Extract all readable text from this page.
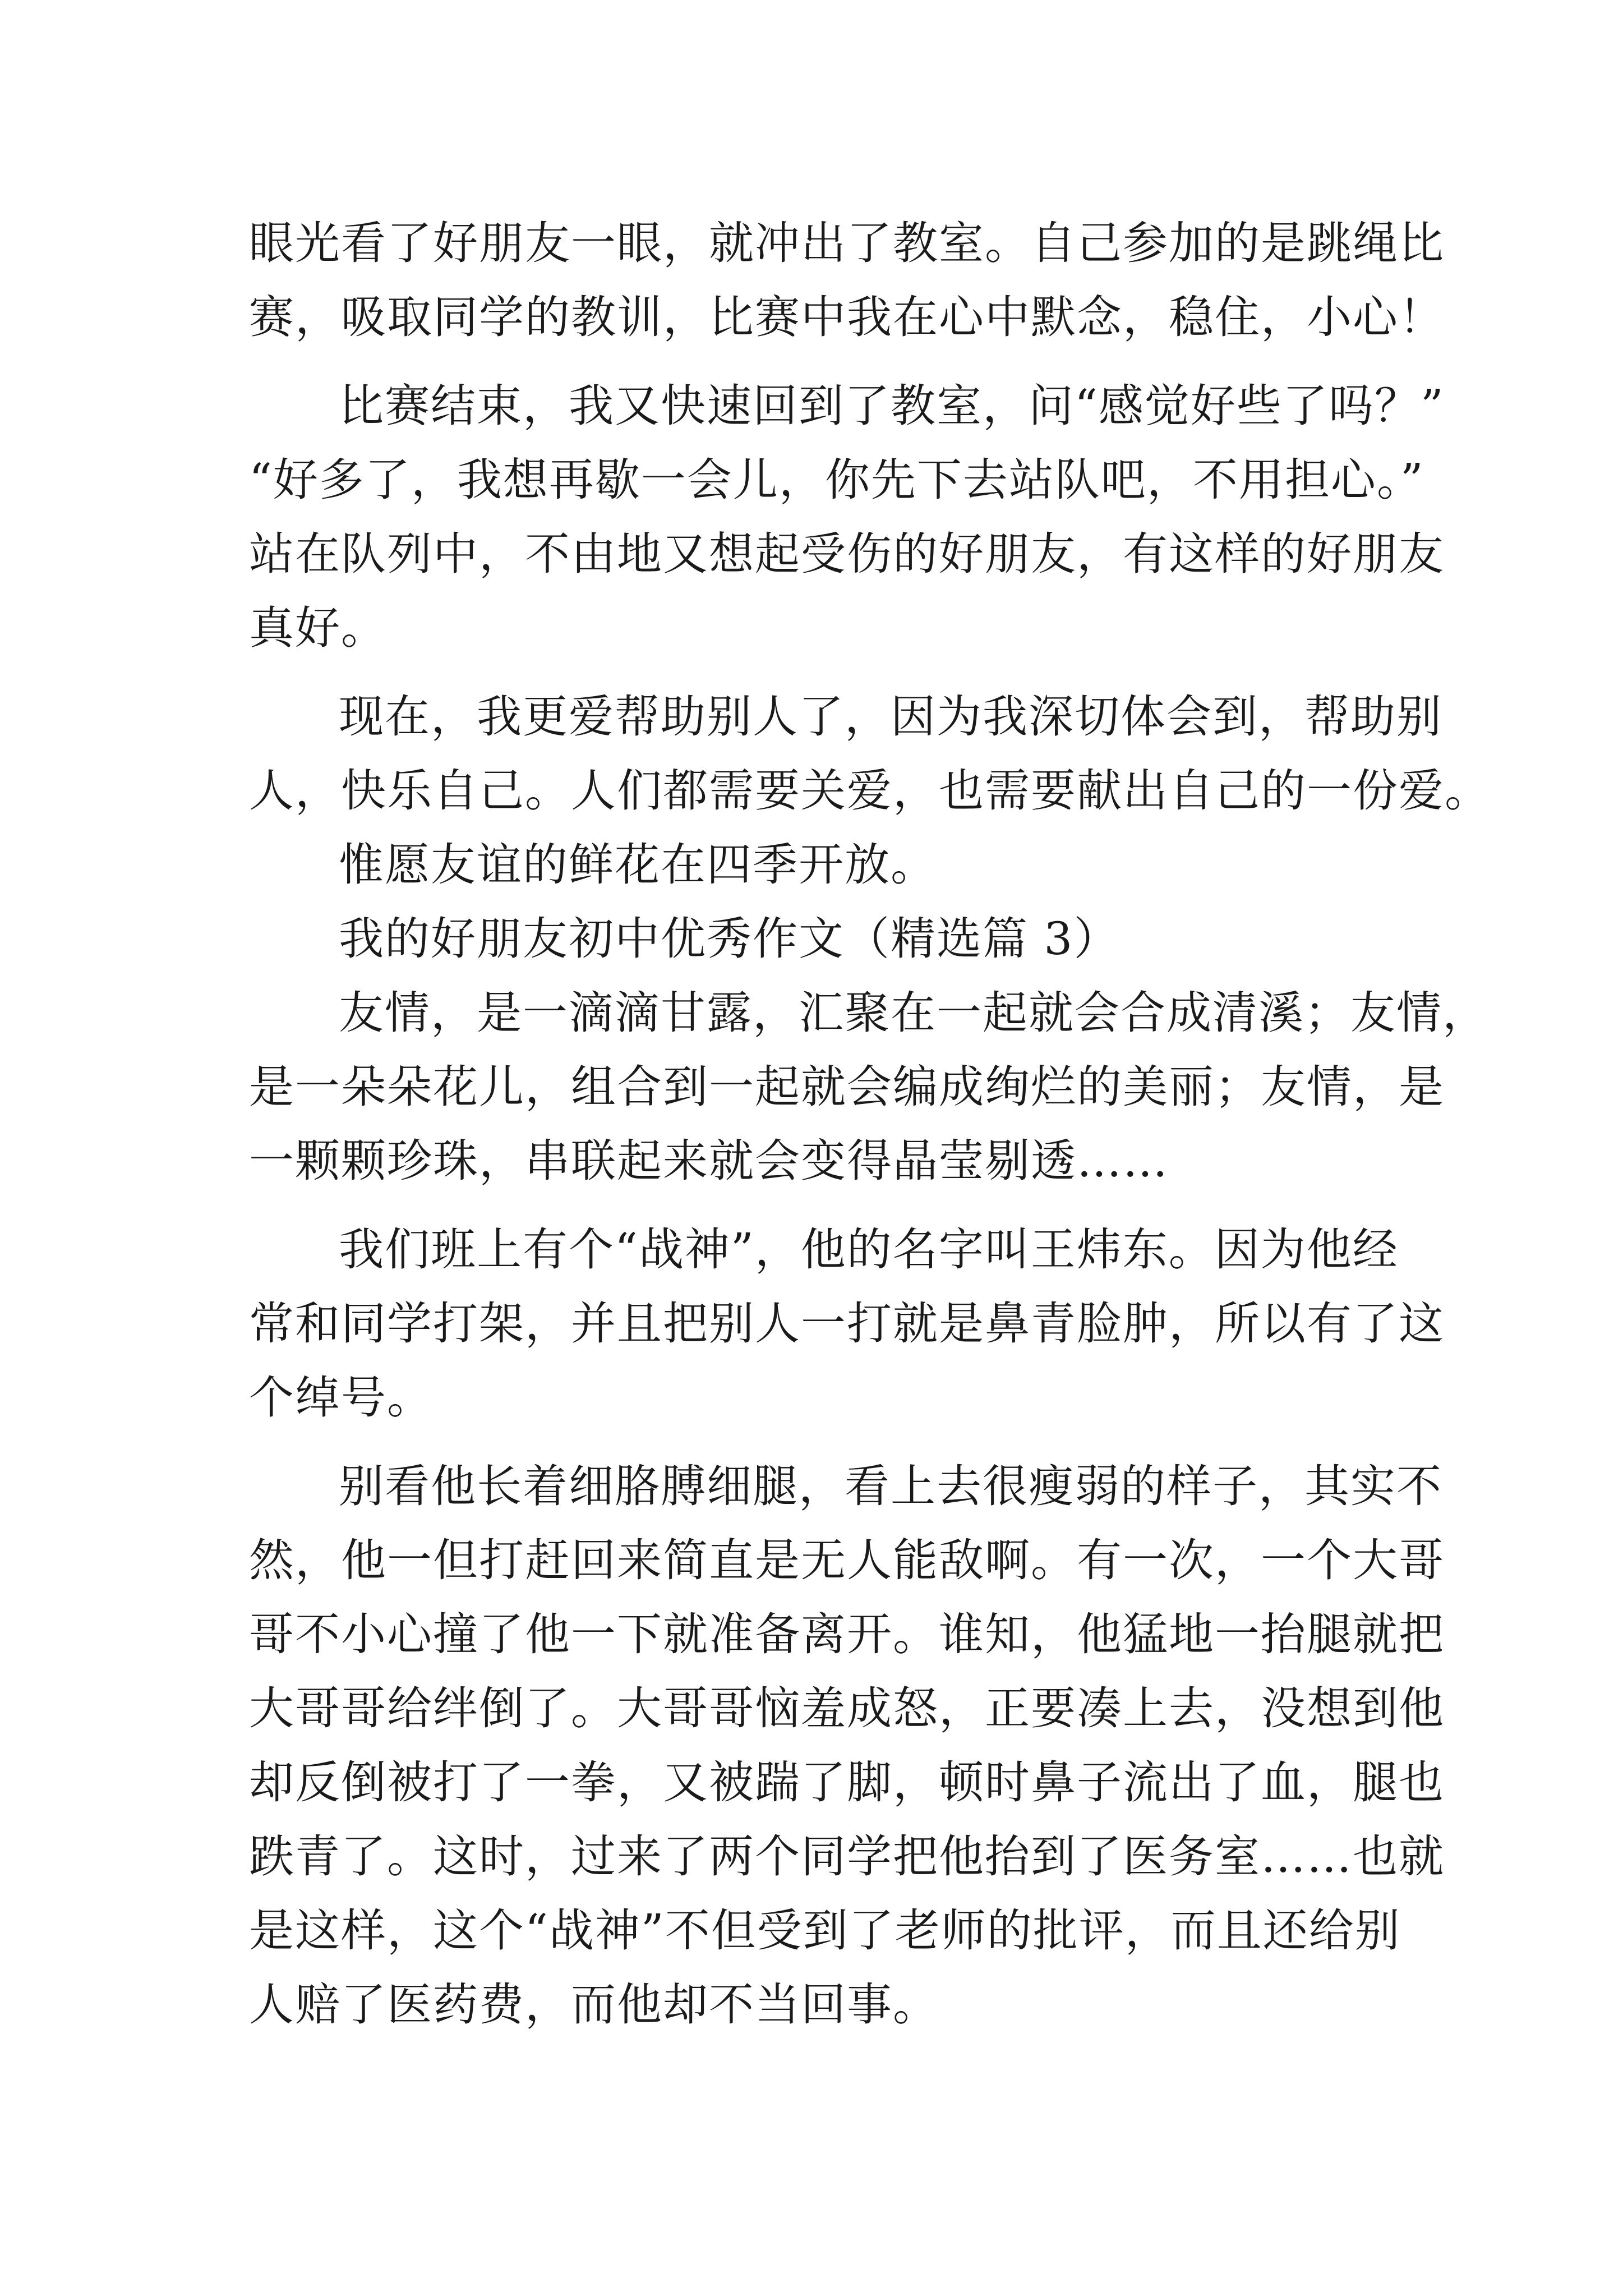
眼光看了好朋友一眼，就冲出了教室。自己参加的是跳绳比
赛，吸取同学的教训，比赛中我在心中默念，稳住，小心！
比赛结束，我又快速回到了教室，问“感觉好些了吗？”
“好多了，我想再歇一会儿，你先下去站队吧，不用担心。”
站在队列中，不由地又想起受伤的好朋友，有这样的好朋友
真好。
现在，我更爱帮助别人了，因为我深切体会到，帮助别
人，快乐自己。人们都需要关爱，也需要献出自己的一份爱。
惟愿友谊的鲜花在四季开放。
我的好朋友初中优秀作文（精选篇 3）
友情，是一滴滴甘露，汇聚在一起就会合成清溪；友情，
是一朵朵花儿，组合到一起就会编成绚烂的美丽；友情，是
一颗颗珍珠，串联起来就会变得晶莹剔透……
我们班上有个“战神”，他的名字叫王炜东。因为他经
常和同学打架，并且把别人一打就是鼻青脸肿，所以有了这
个绰号。
别看他长着细胳膊细腿，看上去很瘦弱的样子，其实不
然，他一但打赶回来简直是无人能敌啊。有一次，一个大哥
哥不小心撞了他一下就准备离开。谁知，他猛地一抬腿就把
大哥哥给绊倒了。大哥哥恼羞成怒，正要凑上去，没想到他
却反倒被打了一拳，又被踹了脚，顿时鼻子流出了血，腿也
跌青了。这时，过来了两个同学把他抬到了医务室……也就
是这样，这个“战神”不但受到了老师的批评，而且还给别
人赔了医药费，而他却不当回事。
